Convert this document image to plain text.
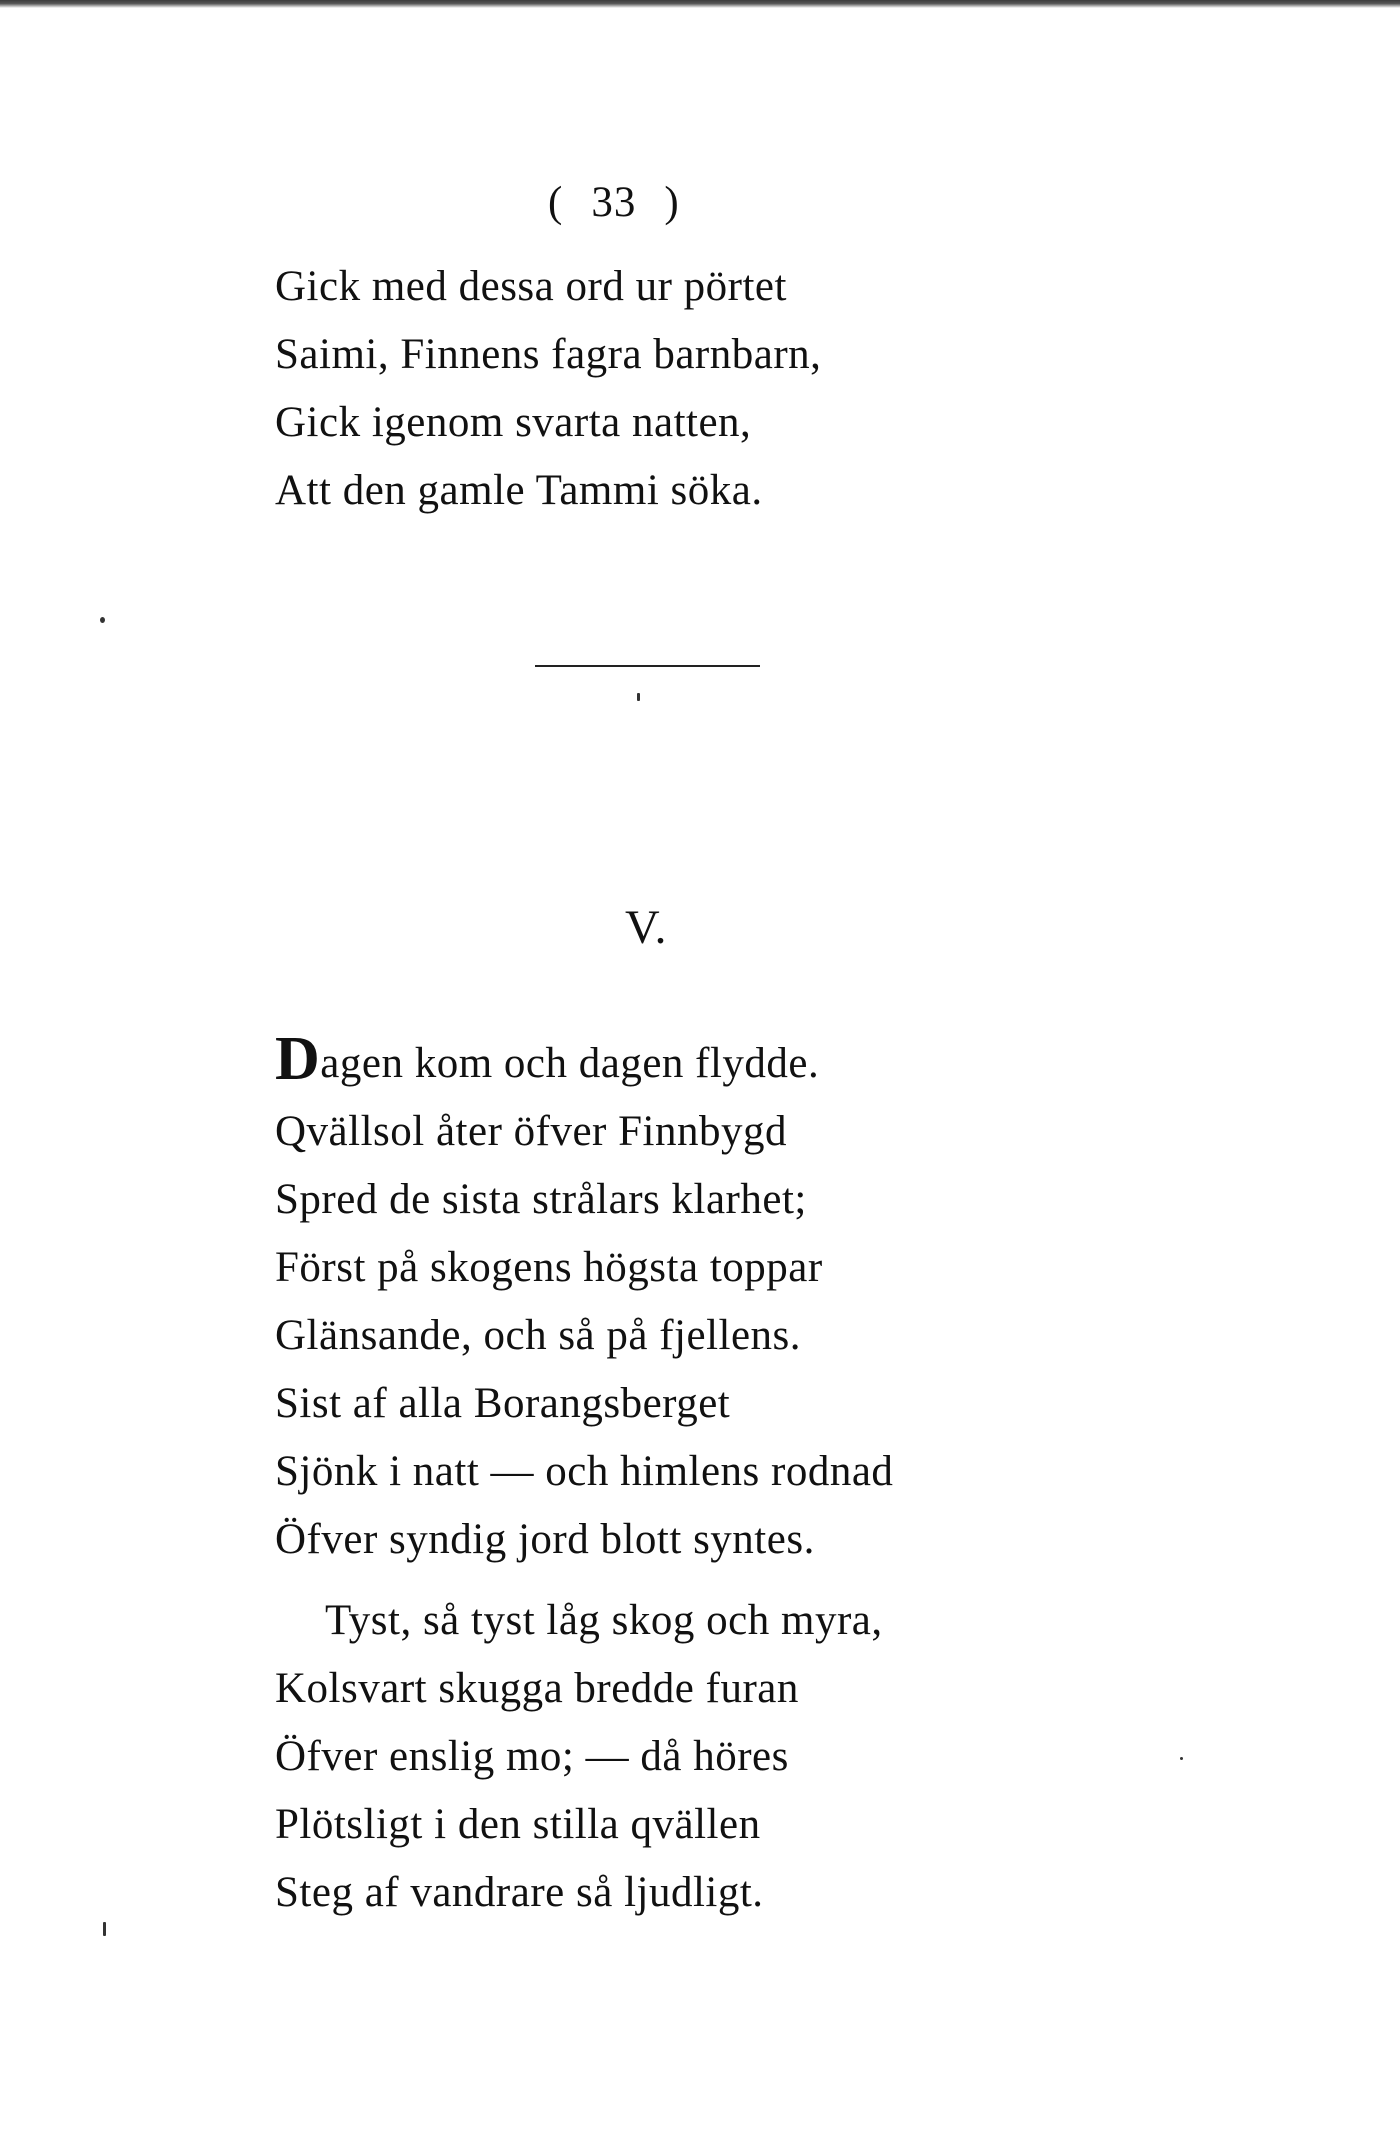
( 33 )
Gick med dessa ord ur pörtet
Saimi, Finnens fagra barnbarn,
Gick igenom svarta natten,
Att den gamle Tammi söka.
V.
Dagen kom och dagen flydde.
Qvällsol åter öfver Finnbygd
Spred de sista strålars klarhet;
Först på skogens högsta toppar
Glänsande, och så på fjellens.
Sist af alla Borangsberget
Sjönk i natt — och himlens rodnad
Öfver syndig jord blott syntes.
Tyst, så tyst låg skog och myra,
Kolsvart skugga bredde furan
Öfver enslig mo; — då höres
Plötsligt i den stilla qvällen
Steg af vandrare så ljudligt.
